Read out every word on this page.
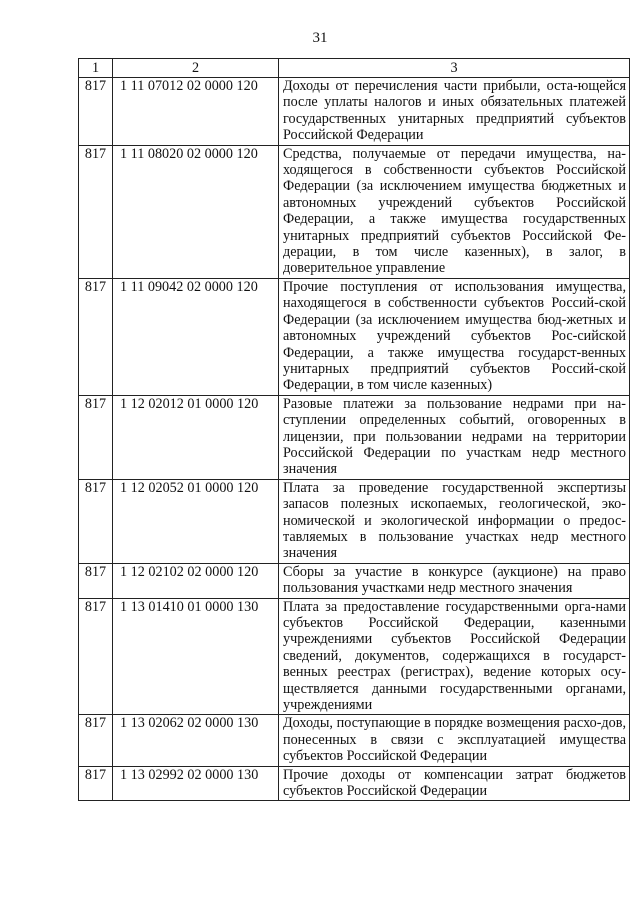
31
1	2	3
817	1 11 07012 02 0000 120	Доходы от перечисления части прибыли, оста-ющейся после уплаты налогов и иных обязательных платежей государственных унитарных предприятий субъектов Российской Федерации
817	1 11 08020 02 0000 120	Средства, получаемые от передачи имущества, на-ходящегося в собственности субъектов Российской Федерации (за исключением имущества бюджетных и автономных учреждений субъектов Российской Федерации, а также имущества государственных унитарных предприятий субъектов Российской Фе-дерации, в том числе казенных), в залог, в доверительное управление
817	1 11 09042 02 0000 120	Прочие поступления от использования имущества, находящегося в собственности субъектов Россий-ской Федерации (за исключением имущества бюд-жетных и автономных учреждений субъектов Рос-сийской Федерации, а также имущества государст-венных унитарных предприятий субъектов Россий-ской Федерации, в том числе казенных)
817	1 12 02012 01 0000 120	Разовые платежи за пользование недрами при на-ступлении определенных событий, оговоренных в лицензии, при пользовании недрами на территории Российской Федерации по участкам недр местного значения
817	1 12 02052 01 0000 120	Плата за проведение государственной экспертизы запасов полезных ископаемых, геологической, эко-номической и экологической информации о предос-тавляемых в пользование участках недр местного значения
817	1 12 02102 02 0000 120	Сборы за участие в конкурсе (аукционе) на право пользования участками недр местного значения
817	1 13 01410 01 0000 130	Плата за предоставление государственными орга-нами субъектов Российской Федерации, казенными учреждениями субъектов Российской Федерации сведений, документов, содержащихся в государст-венных реестрах (регистрах), ведение которых осу-ществляется данными государственными органами, учреждениями
817	1 13 02062 02 0000 130	Доходы, поступающие в порядке возмещения расхо-дов, понесенных в связи с эксплуатацией имущества субъектов Российской Федерации
817	1 13 02992 02 0000 130	Прочие доходы от компенсации затрат бюджетов субъектов Российской Федерации
